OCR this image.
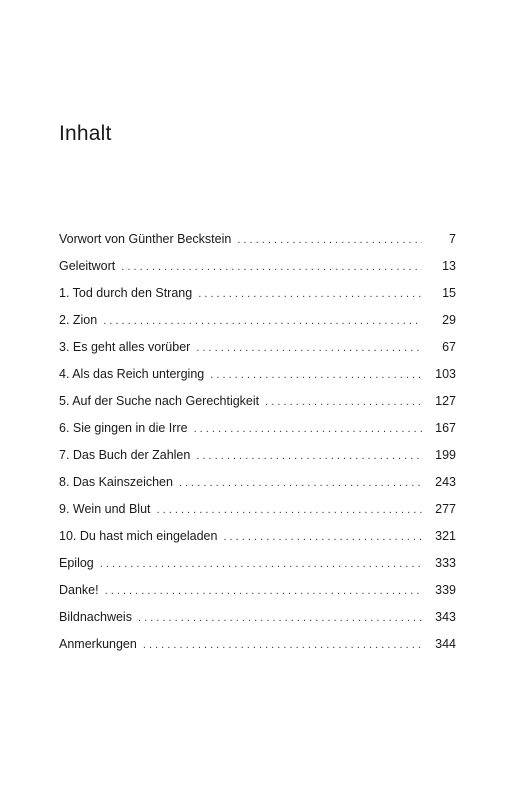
Inhalt
Vorwort von Günther Beckstein . . .	7
Geleitwort . . .	13
1. Tod durch den Strang . . .	15
2. Zion . . .	29
3. Es geht alles vorüber . . .	67
4. Als das Reich unterging . . .	103
5. Auf der Suche nach Gerechtigkeit . . .	127
6. Sie gingen in die Irre . . .	167
7. Das Buch der Zahlen . . .	199
8. Das Kainszeichen . . .	243
9. Wein und Blut . . .	277
10. Du hast mich eingeladen . . .	321
Epilog . . .	333
Danke! . . .	339
Bildnachweis . . .	343
Anmerkungen . . .	344
